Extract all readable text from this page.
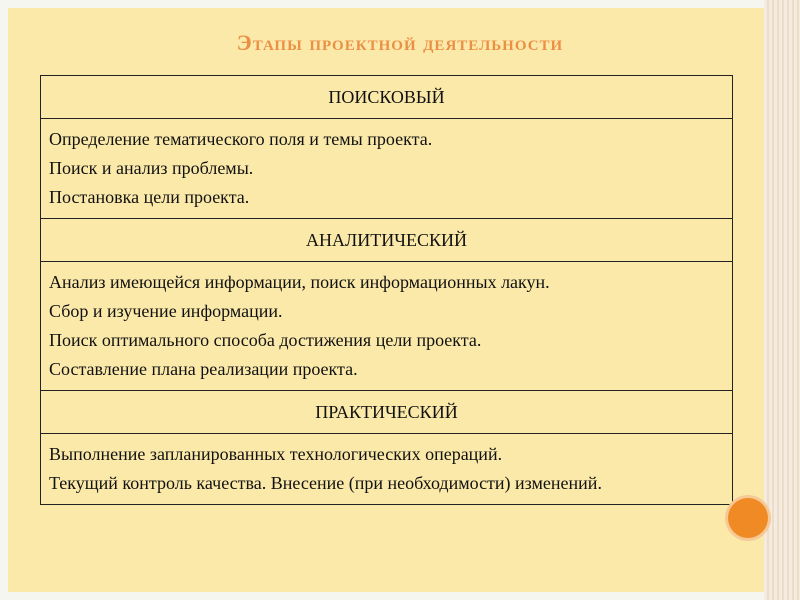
Этапы проектной деятельности
ПОИСКОВЫЙ

Определение тематического поля и темы проекта.

Поиск и анализ проблемы.

Постановка цели проекта.

АНАЛИТИЧЕСКИЙ

Анализ имеющейся информации, поиск информационных лакун.

Сбор и изучение информации.

Поиск оптимального способа достижения цели проекта.

Составление плана реализации проекта.

ПРАКТИЧЕСКИЙ

Выполнение запланированных технологических операций.

Текущий контроль качества. Внесение (при необходимости) изменений.
